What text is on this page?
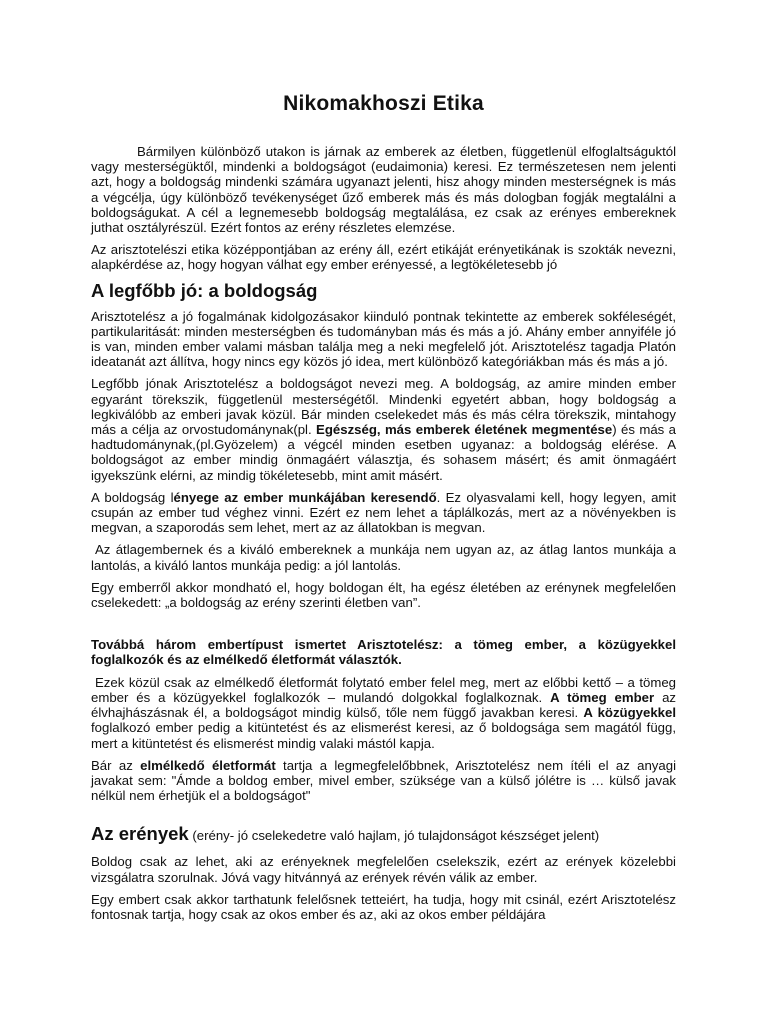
Nikomakhoszi Etika

Bármilyen különböző utakon is járnak az emberek az életben, függetlenül elfoglaltságuktól vagy mesterségüktől, mindenki a boldogságot (eudaimonia) keresi. Ez természetesen nem jelenti azt, hogy a boldogság mindenki számára ugyanazt jelenti, hisz ahogy minden mesterségnek is más a végcélja, úgy különböző tevékenységet űző emberek más és más dologban fogják megtalálni a boldogságukat. A cél a legnemesebb boldogság megtalálása, ez csak az erényes embereknek juthat osztályrészül. Ezért fontos az erény részletes elemzése.

Az arisztotelészi etika középpontjában az erény áll, ezért etikáját erényetikának is szokták nevezni, alapkérdése az, hogy hogyan válhat egy ember erényessé, a legtökéletesebb jó

A legfőbb jó: a boldogság

Arisztotelész a jó fogalmának kidolgozásakor kiinduló pontnak tekintette az emberek sokféleségét, partikularitását: minden mesterségben és tudományban más és más a jó. Ahány ember annyiféle jó is van, minden ember valami másban találja meg a neki megfelelő jót. Arisztotelész tagadja Platón ideatanát azt állítva, hogy nincs egy közös jó idea, mert különböző kategóriákban más és más a jó.

Legfőbb jónak Arisztotelész a boldogságot nevezi meg. A boldogság, az amire minden ember egyaránt törekszik, függetlenül mesterségétől. Mindenki egyetért abban, hogy boldogság a legkiválóbb az emberi javak közül. Bár minden cselekedet más és más célra törekszik, mintahogy más a célja az orvostudománynak(pl. Egészség, más emberek életének megmentése) és más a hadtudománynak,(pl.Gyözelem) a végcél minden esetben ugyanaz: a boldogság elérése. A boldogságot az ember mindig önmagáért választja, és sohasem másért; és amit önmagáért igyekszünk elérni, az mindig tökéletesebb, mint amit másért.

A boldogság lényege az ember munkájában keresendő. Ez olyasvalami kell, hogy legyen, amit csupán az ember tud véghez vinni. Ezért ez nem lehet a táplálkozás, mert az a növényekben is megvan, a szaporodás sem lehet, mert az az állatokban is megvan.

Az átlagembernek és a kiváló embereknek a munkája nem ugyan az, az átlag lantos munkája a lantolás, a kiváló lantos munkája pedig: a jól lantolás.

Egy emberről akkor mondható el, hogy boldogan élt, ha egész életében az erénynek megfelelően cselekedett: „a boldogság az erény szerinti életben van”.

Továbbá három embertípust ismertet Arisztotelész: a tömeg ember, a közügyekkel foglalkozók és az elmélkedő életformát választók.

Ezek közül csak az elmélkedő életformát folytató ember felel meg, mert az előbbi kettő – a tömeg ember és a közügyekkel foglalkozók – mulandó dolgokkal foglalkoznak. A tömeg ember az élvhajhászásnak él, a boldogságot mindig külső, tőle nem függő javakban keresi. A közügyekkel foglalkozó ember pedig a kitüntetést és az elismerést keresi, az ő boldogsága sem magától függ, mert a kitüntetést és elismerést mindig valaki mástól kapja.

Bár az elmélkedő életformát tartja a legmegfelelőbbnek, Arisztotelész nem ítéli el az anyagi javakat sem: "Ámde a boldog ember, mivel ember, szüksége van a külső jólétre is … külső javak nélkül nem érhetjük el a boldogságot"

Az erények (erény- jó cselekedetre való hajlam, jó tulajdonságot készséget jelent)

Boldog csak az lehet, aki az erényeknek megfelelően cselekszik, ezért az erények közelebbi vizsgálatra szorulnak. Jóvá vagy hitvánnyá az erények révén válik az ember.

Egy embert csak akkor tarthatunk felelősnek tetteiért, ha tudja, hogy mit csinál, ezért Arisztotelész fontosnak tartja, hogy csak az okos ember és az, aki az okos ember példájára
